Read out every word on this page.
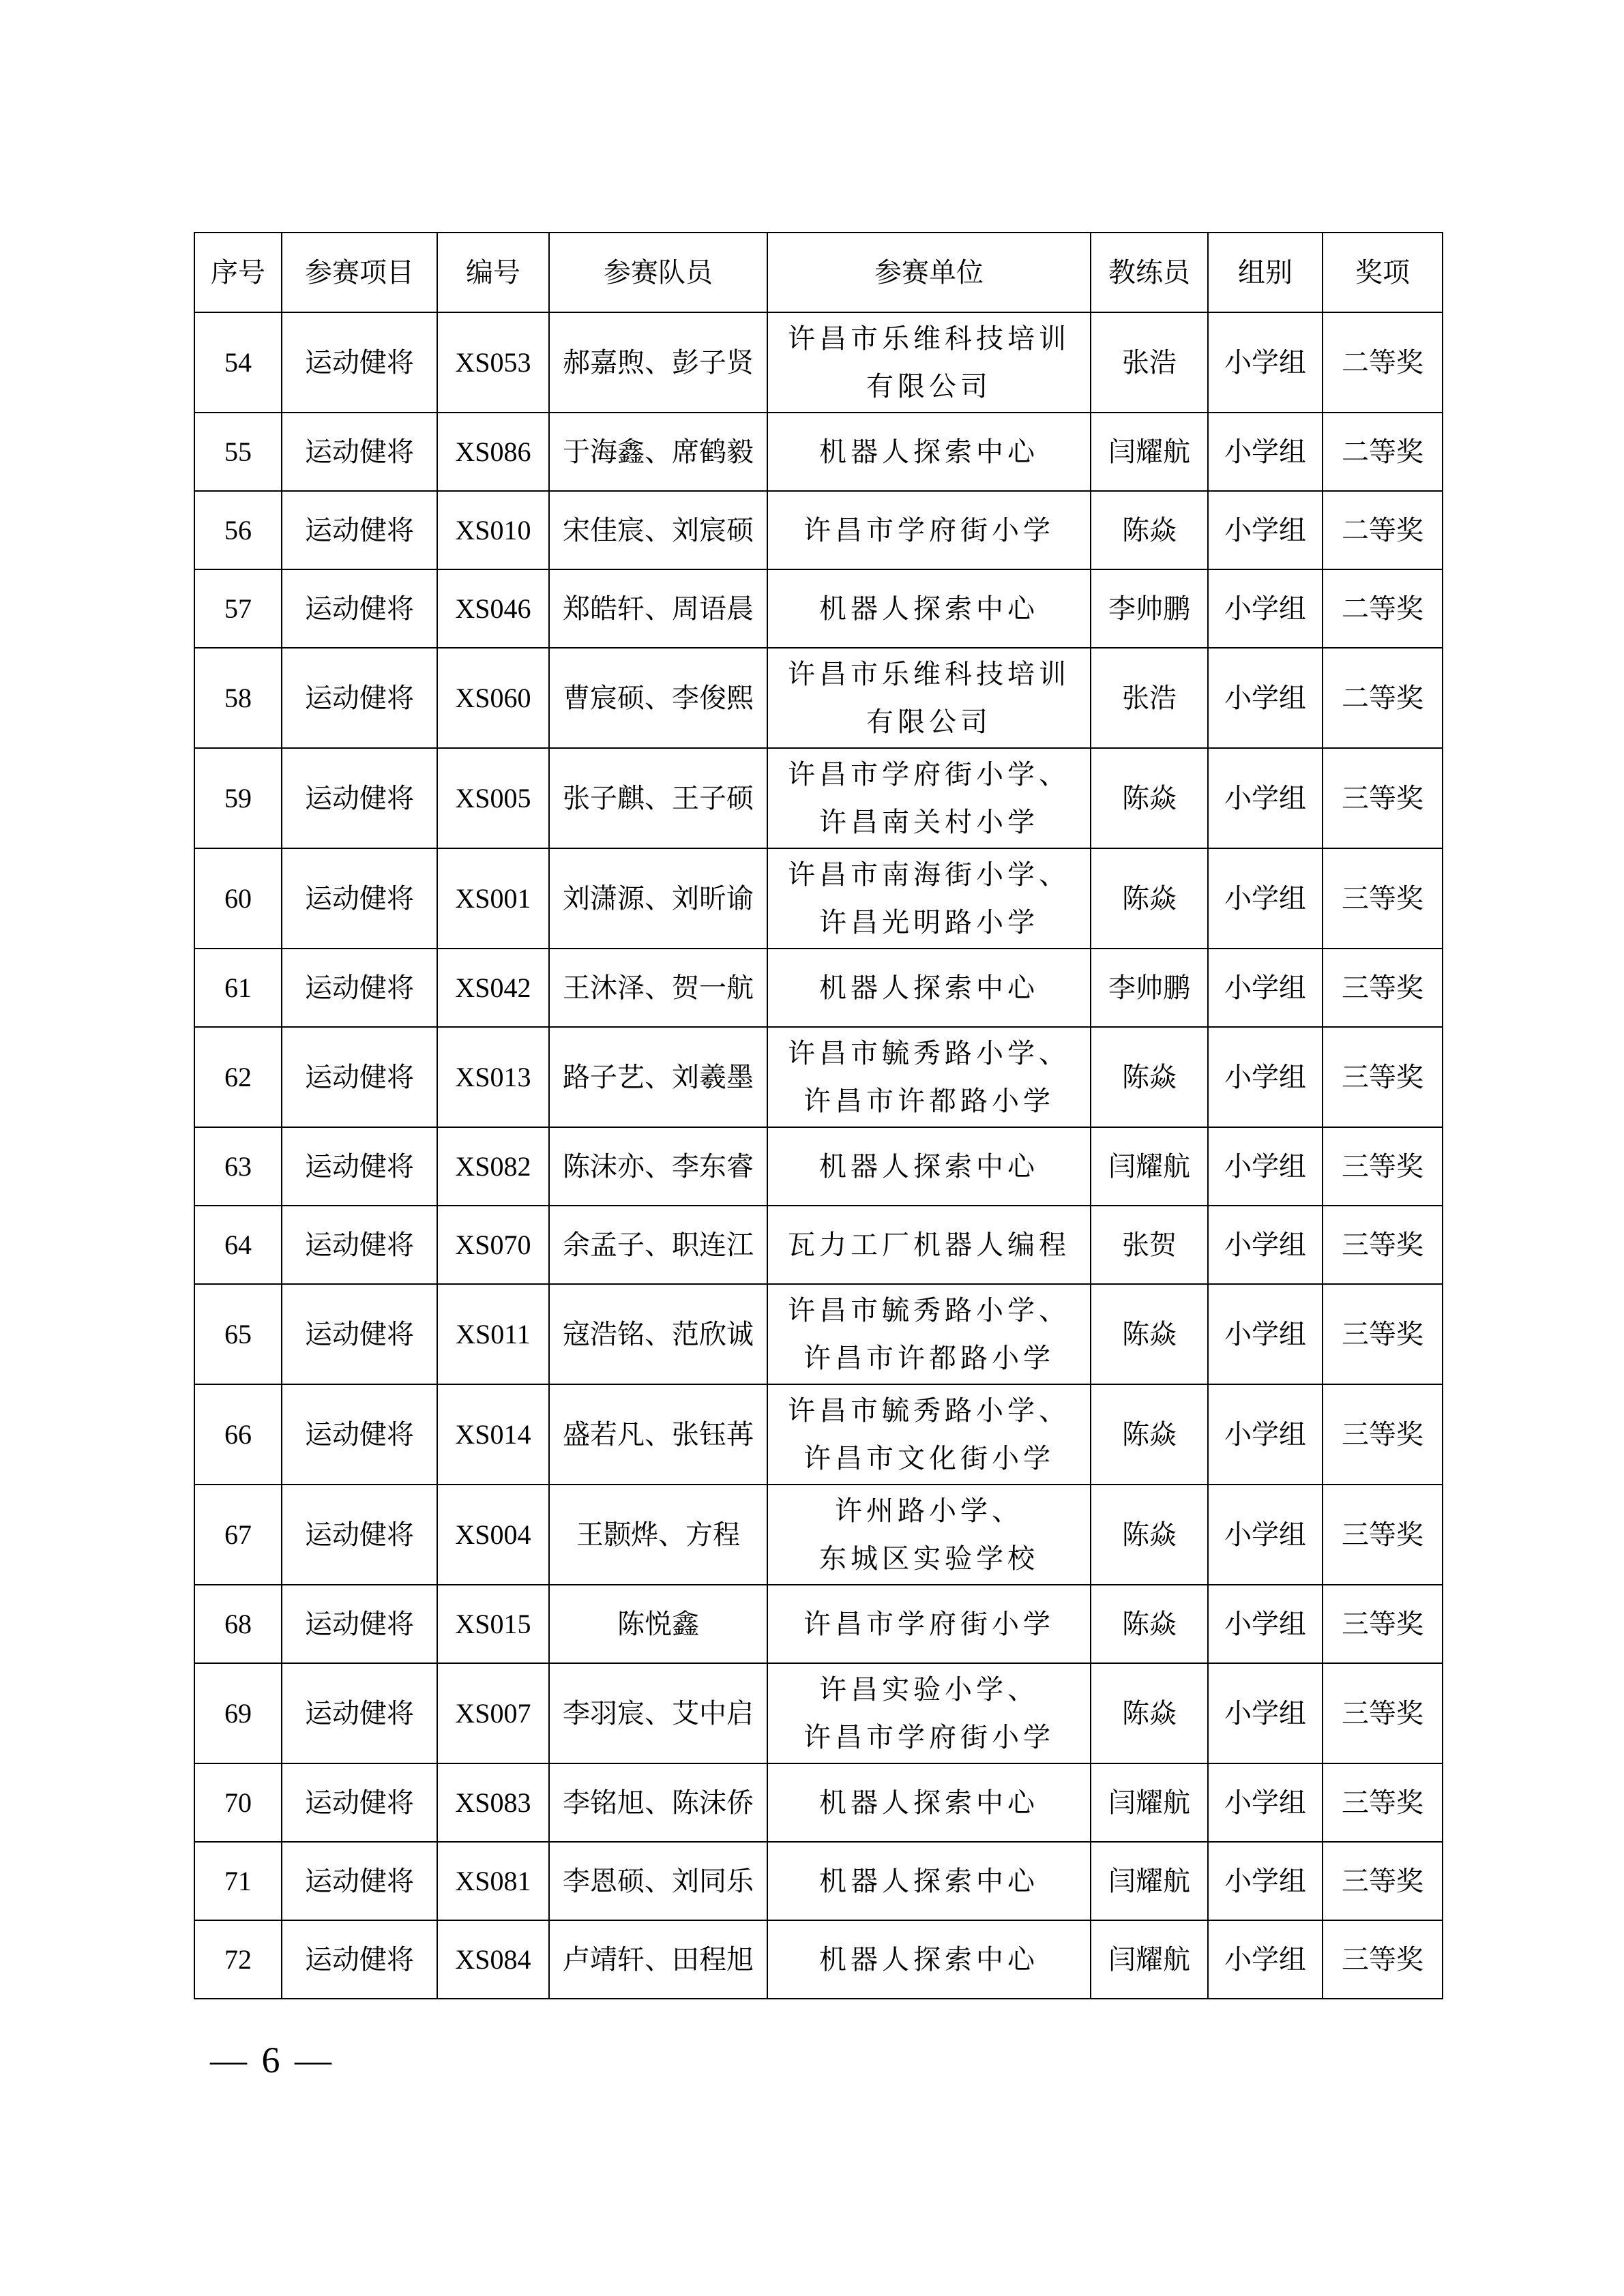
序号	参赛项目	编号	参赛队员	参赛单位	教练员	组别	奖项
54	运动健将	XS053	郝嘉煦、彭子贤	许昌市乐维科技培训
有限公司	张浩	小学组	二等奖
55	运动健将	XS086	于海鑫、席鹤毅	机器人探索中心	闫耀航	小学组	二等奖
56	运动健将	XS010	宋佳宸、刘宸硕	许昌市学府街小学	陈焱	小学组	二等奖
57	运动健将	XS046	郑皓轩、周语晨	机器人探索中心	李帅鹏	小学组	二等奖
58	运动健将	XS060	曹宸硕、李俊熙	许昌市乐维科技培训
有限公司	张浩	小学组	二等奖
59	运动健将	XS005	张子麒、王子硕	许昌市学府街小学、
许昌南关村小学	陈焱	小学组	三等奖
60	运动健将	XS001	刘潇源、刘昕谕	许昌市南海街小学、
许昌光明路小学	陈焱	小学组	三等奖
61	运动健将	XS042	王沐泽、贺一航	机器人探索中心	李帅鹏	小学组	三等奖
62	运动健将	XS013	路子艺、刘羲墨	许昌市毓秀路小学、
许昌市许都路小学	陈焱	小学组	三等奖
63	运动健将	XS082	陈沫亦、李东睿	机器人探索中心	闫耀航	小学组	三等奖
64	运动健将	XS070	余孟子、职连江	瓦力工厂机器人编程	张贺	小学组	三等奖
65	运动健将	XS011	寇浩铭、范欣诚	许昌市毓秀路小学、
许昌市许都路小学	陈焱	小学组	三等奖
66	运动健将	XS014	盛若凡、张钰苒	许昌市毓秀路小学、
许昌市文化街小学	陈焱	小学组	三等奖
67	运动健将	XS004	王颢烨、方程	许州路小学、
东城区实验学校	陈焱	小学组	三等奖
68	运动健将	XS015	陈悦鑫	许昌市学府街小学	陈焱	小学组	三等奖
69	运动健将	XS007	李羽宸、艾中启	许昌实验小学、
许昌市学府街小学	陈焱	小学组	三等奖
70	运动健将	XS083	李铭旭、陈沫侨	机器人探索中心	闫耀航	小学组	三等奖
71	运动健将	XS081	李恩硕、刘同乐	机器人探索中心	闫耀航	小学组	三等奖
72	运动健将	XS084	卢靖轩、田程旭	机器人探索中心	闫耀航	小学组	三等奖
— 6 —
